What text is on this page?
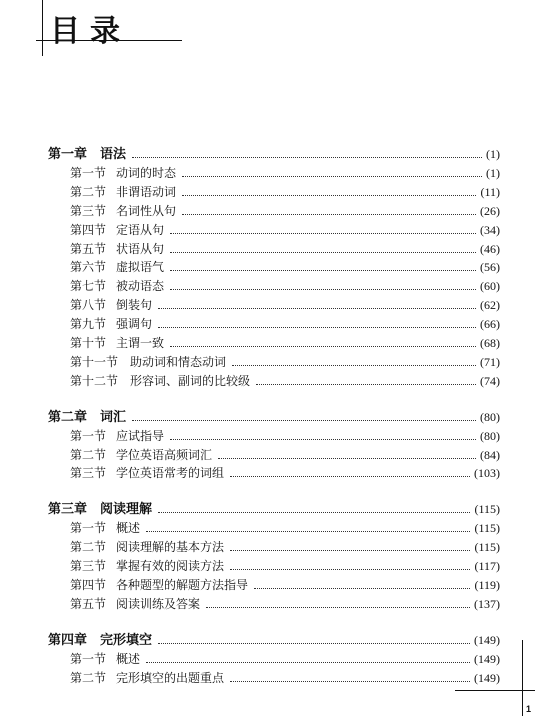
目录
第一章 语法	(1)
第一节 动词的时态	(1)
第二节 非谓语动词	(11)
第三节 名词性从句	(26)
第四节 定语从句	(34)
第五节 状语从句	(46)
第六节 虚拟语气	(56)
第七节 被动语态	(60)
第八节 倒装句	(62)
第九节 强调句	(66)
第十节 主谓一致	(68)
第十一节 助动词和情态动词	(71)
第十二节 形容词、副词的比较级	(74)
第二章 词汇	(80)
第一节 应试指导	(80)
第二节 学位英语高频词汇	(84)
第三节 学位英语常考的词组	(103)
第三章 阅读理解	(115)
第一节 概述	(115)
第二节 阅读理解的基本方法	(115)
第三节 掌握有效的阅读方法	(117)
第四节 各种题型的解题方法指导	(119)
第五节 阅读训练及答案	(137)
第四章 完形填空	(149)
第一节 概述	(149)
第二节 完形填空的出题重点	(149)
1
